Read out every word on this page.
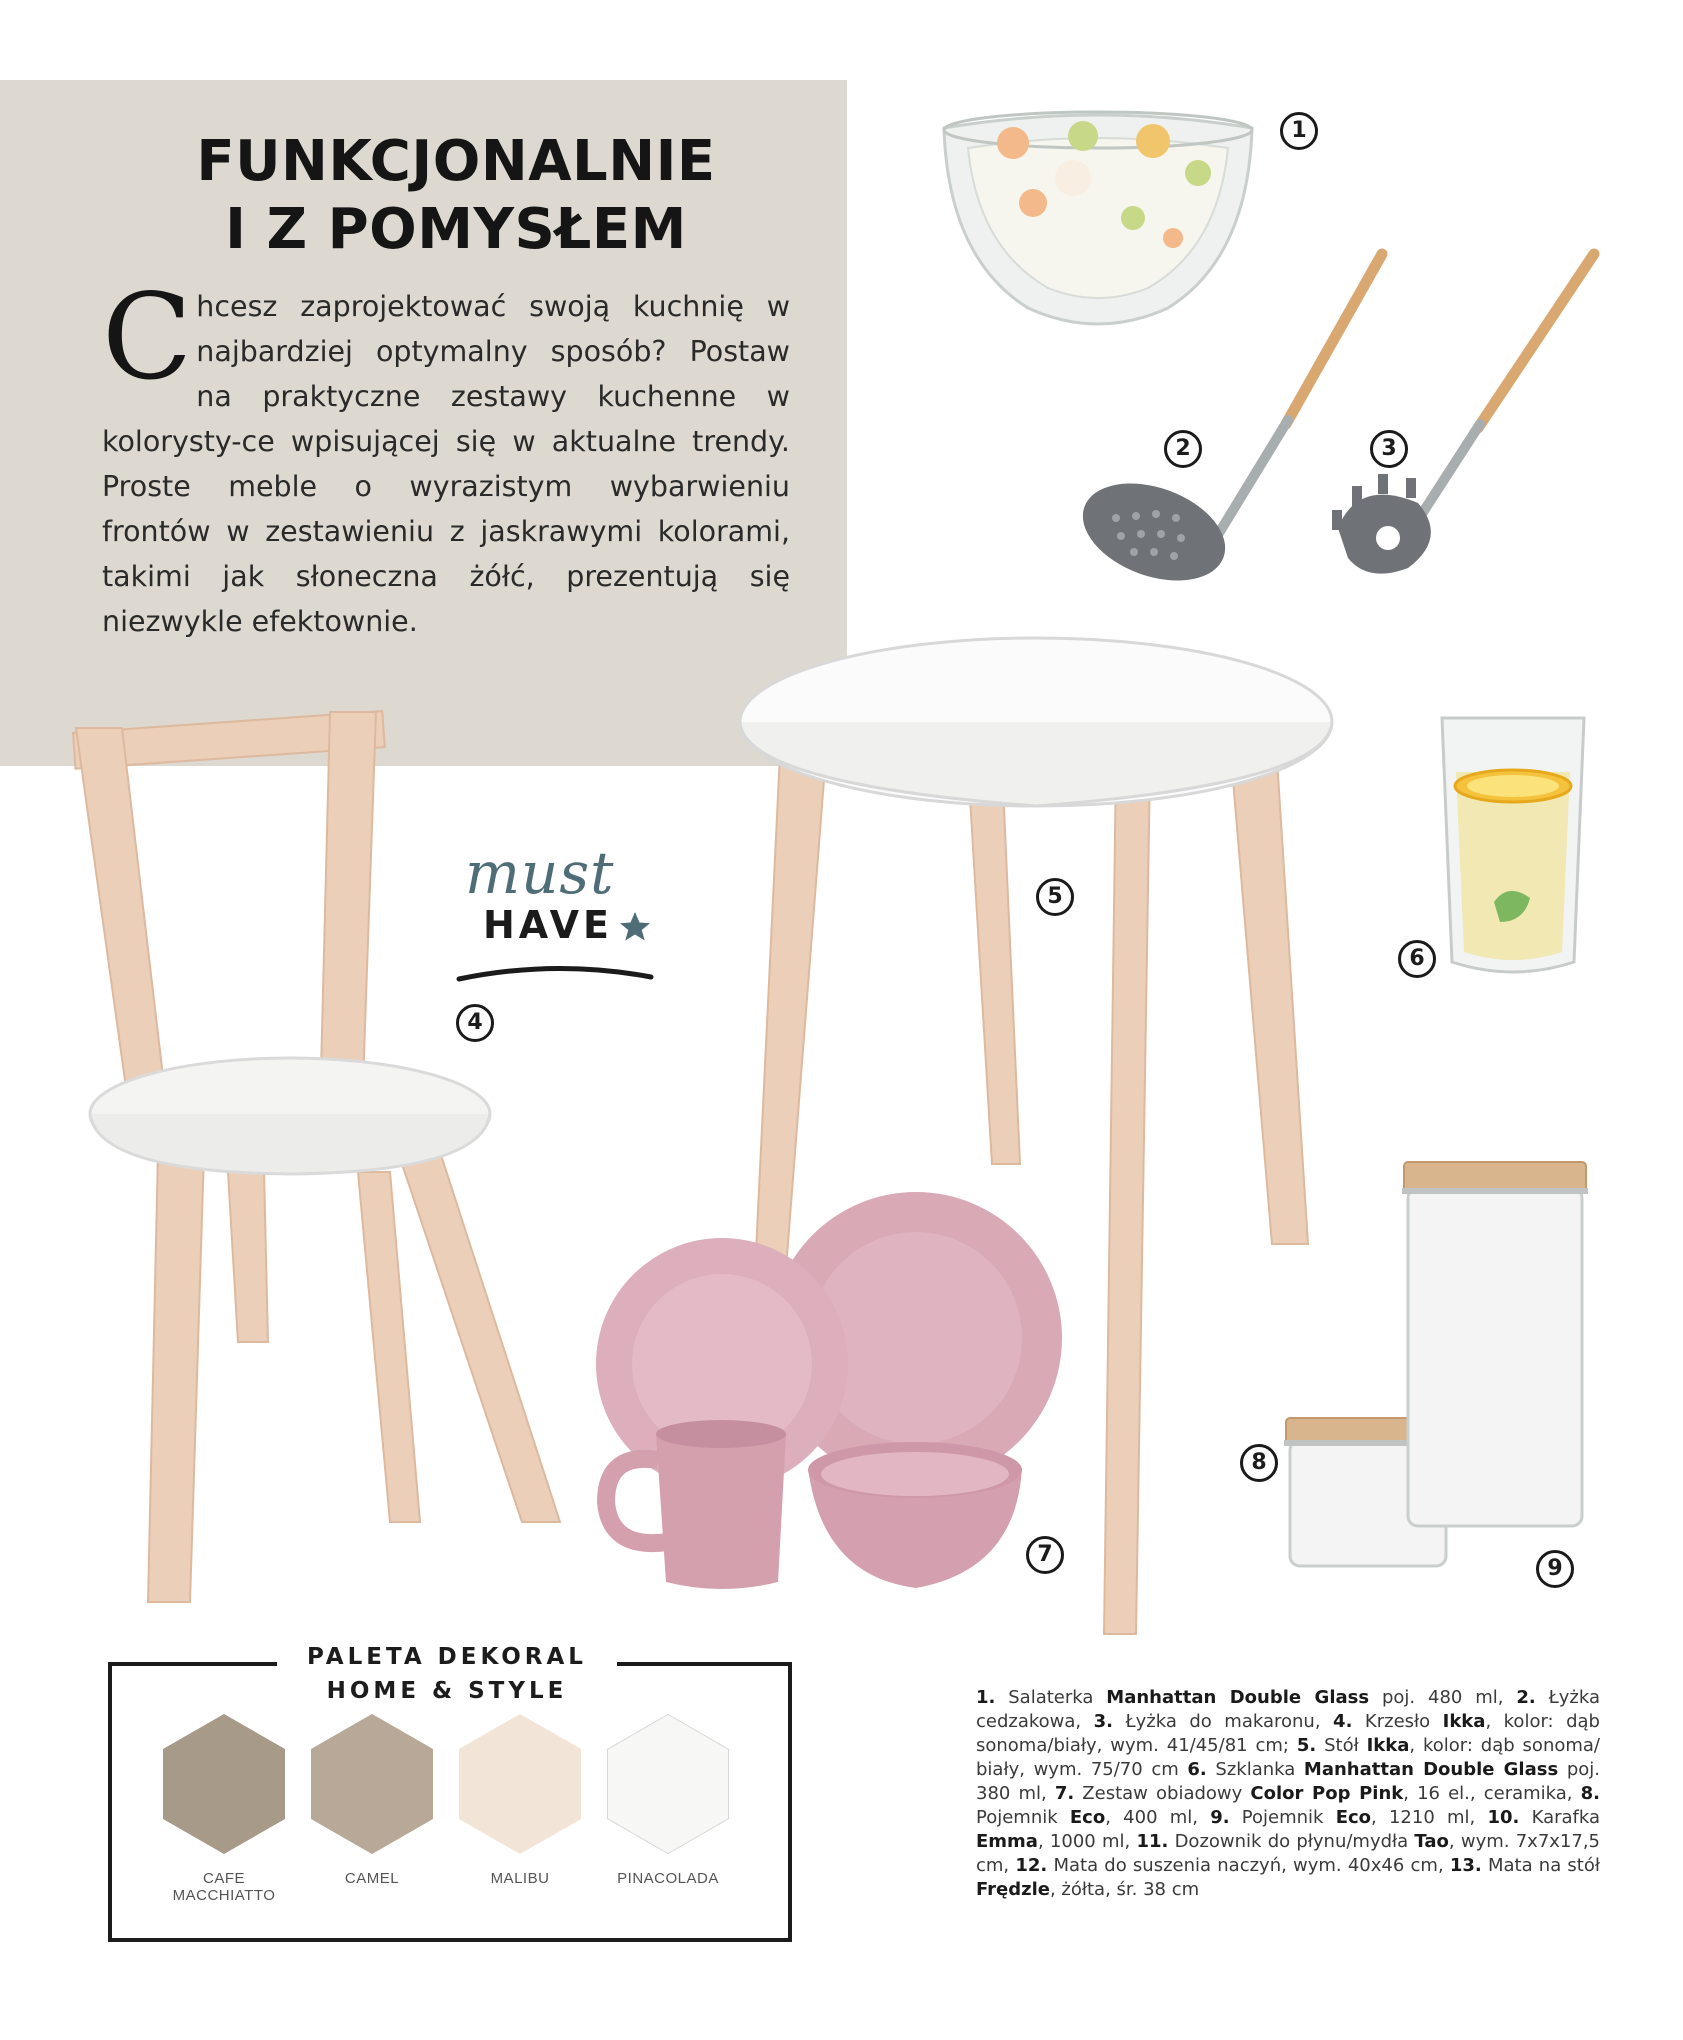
FUNKCJONALNIE
I Z POMYSŁEM

Chcesz zaprojektować swoją kuchnię w najbardziej optymalny sposób? Postaw na praktyczne zestawy kuchenne w kolorysty-ce wpisującej się w aktualne trendy. Proste meble o wyrazistym wybarwieniu frontów w zestawieniu z jaskrawymi kolorami, takimi jak słoneczna żółć, prezentują się niezwykle efektownie.

must
HAVE
1
2	3
4
5
6
7
8
9
PALETA DEKORAL
HOME & STYLE
CAFE
MACCHIATTO
CAMEL	MALIBU	PINACOLADA

1. Salaterka Manhattan Double Glass poj. 480 ml, 2. Łyżka cedzakowa, 3. Łyżka do makaronu, 4. Krzesło Ikka, kolor: dąb sonoma/biały, wym. 41/45/81 cm; 5. Stół Ikka, kolor: dąb sonoma/ biały, wym. 75/70 cm 6. Szklanka Manhattan Double Glass poj. 380 ml, 7. Zestaw obiadowy Color Pop Pink, 16 el., ceramika, 8. Pojemnik Eco, 400 ml, 9. Pojemnik Eco, 1210 ml, 10. Karafka Emma, 1000 ml, 11. Dozownik do płynu/mydła Tao, wym. 7x7x17,5 cm, 12. Mata do suszenia naczyń, wym. 40x46 cm, 13. Mata na stół Frędzle, żółta, śr. 38 cm
